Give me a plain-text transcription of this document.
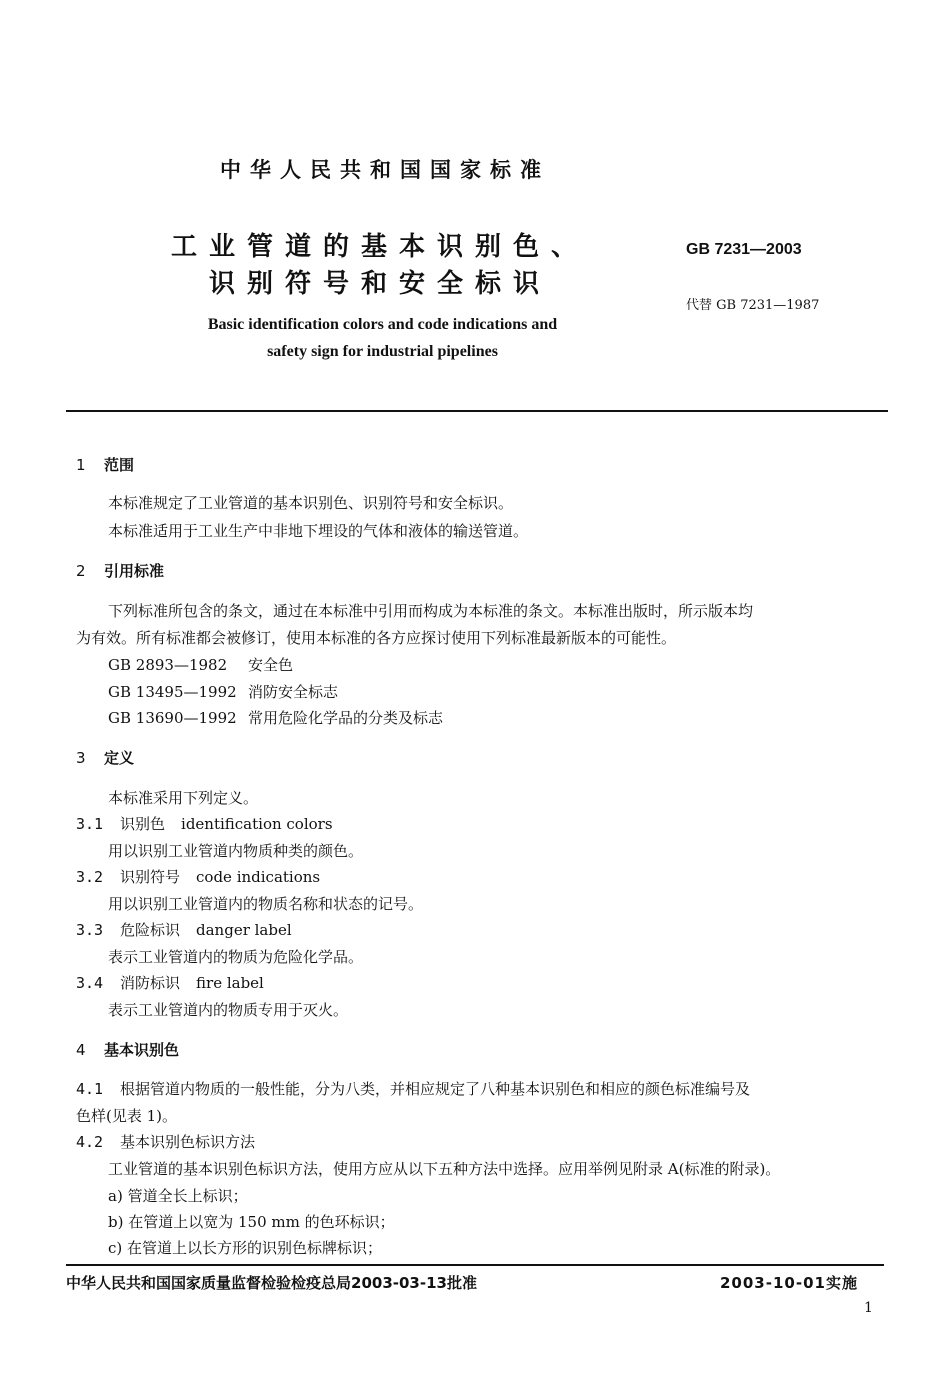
中华人民共和国国家标准
工业管道的基本识别色、
识别符号和安全标识
Basic identification colors and code indications and
safety sign for industrial pipelines
GB 7231—2003
代替 GB 7231—1987
1 范围
本标准规定了工业管道的基本识别色、识别符号和安全标识。
本标准适用于工业生产中非地下埋设的气体和液体的输送管道。
2 引用标准
下列标准所包含的条文，通过在本标准中引用而构成为本标准的条文。本标准出版时，所示版本均
为有效。所有标准都会被修订，使用本标准的各方应探讨使用下列标准最新版本的可能性。
GB 2893—1982 安全色
GB 13495—1992 消防安全标志
GB 13690—1992 常用危险化学品的分类及标志
3 定义
本标准采用下列定义。
3.1 识别色 identification colors
用以识别工业管道内物质种类的颜色。
3.2 识别符号 code indications
用以识别工业管道内的物质名称和状态的记号。
3.3 危险标识 danger label
表示工业管道内的物质为危险化学品。
3.4 消防标识 fire label
表示工业管道内的物质专用于灭火。
4 基本识别色
4.1 根据管道内物质的一般性能，分为八类，并相应规定了八种基本识别色和相应的颜色标准编号及
色样(见表 1)。
4.2 基本识别色标识方法
工业管道的基本识别色标识方法，使用方应从以下五种方法中选择。应用举例见附录 A(标准的附录)。
a) 管道全长上标识；
b) 在管道上以宽为 150 mm 的色环标识；
c) 在管道上以长方形的识别色标牌标识；
中华人民共和国国家质量监督检验检疫总局2003-03-13批准	2003-10-01实施
1
